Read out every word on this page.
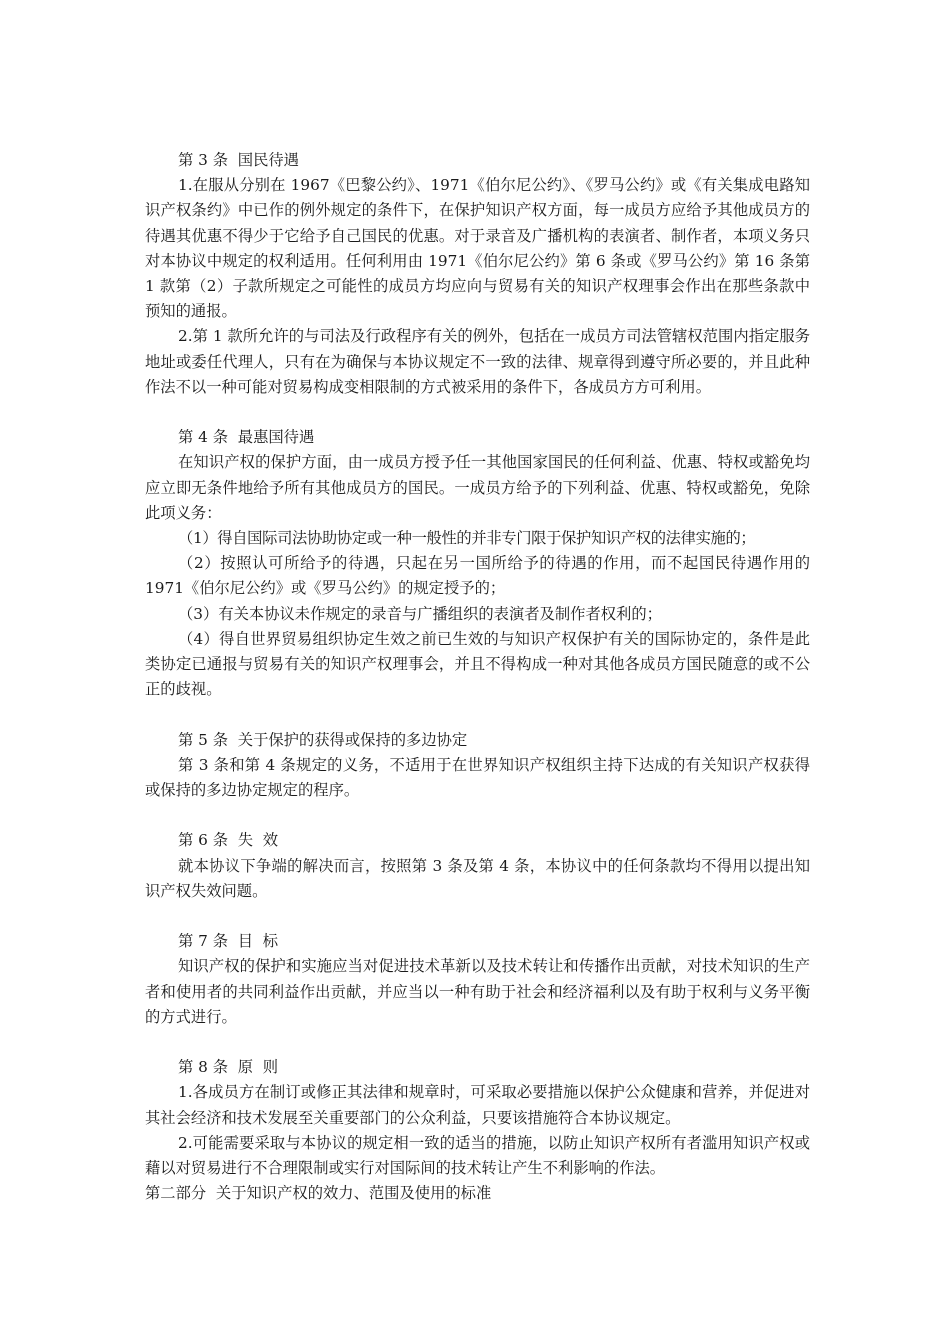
第 3 条  国民待遇

1.在服从分别在 1967《巴黎公约》、1971《伯尔尼公约》、《罗马公约》或《有关集成电路知识产权条约》中已作的例外规定的条件下，在保护知识产权方面，每一成员方应给予其他成员方的待遇其优惠不得少于它给予自己国民的优惠。对于录音及广播机构的表演者、制作者，本项义务只对本协议中规定的权利适用。任何利用由 1971《伯尔尼公约》第 6 条或《罗马公约》第 16 条第 1 款第（2）子款所规定之可能性的成员方均应向与贸易有关的知识产权理事会作出在那些条款中预知的通报。

2.第 1 款所允许的与司法及行政程序有关的例外，包括在一成员方司法管辖权范围内指定服务地址或委任代理人，只有在为确保与本协议规定不一致的法律、规章得到遵守所必要的，并且此种作法不以一种可能对贸易构成变相限制的方式被采用的条件下，各成员方方可利用。

第 4 条  最惠国待遇

在知识产权的保护方面，由一成员方授予任一其他国家国民的任何利益、优惠、特权或豁免均应立即无条件地给予所有其他成员方的国民。一成员方给予的下列利益、优惠、特权或豁免，免除此项义务：

（1）得自国际司法协助协定或一种一般性的并非专门限于保护知识产权的法律实施的；

（2）按照认可所给予的待遇，只起在另一国所给予的待遇的作用，而不起国民待遇作用的 1971《伯尔尼公约》或《罗马公约》的规定授予的；

（3）有关本协议未作规定的录音与广播组织的表演者及制作者权利的；

（4）得自世界贸易组织协定生效之前已生效的与知识产权保护有关的国际协定的，条件是此类协定已通报与贸易有关的知识产权理事会，并且不得构成一种对其他各成员方国民随意的或不公正的歧视。

第 5 条  关于保护的获得或保持的多边协定

第 3 条和第 4 条规定的义务，不适用于在世界知识产权组织主持下达成的有关知识产权获得或保持的多边协定规定的程序。

第 6 条  失  效

就本协议下争端的解决而言，按照第 3 条及第 4 条，本协议中的任何条款均不得用以提出知识产权失效问题。

第 7 条  目  标

知识产权的保护和实施应当对促进技术革新以及技术转让和传播作出贡献，对技术知识的生产者和使用者的共同利益作出贡献，并应当以一种有助于社会和经济福利以及有助于权利与义务平衡的方式进行。

第 8 条  原  则

1.各成员方在制订或修正其法律和规章时，可采取必要措施以保护公众健康和营养，并促进对其社会经济和技术发展至关重要部门的公众利益，只要该措施符合本协议规定。

2.可能需要采取与本协议的规定相一致的适当的措施，以防止知识产权所有者滥用知识产权或藉以对贸易进行不合理限制或实行对国际间的技术转让产生不利影响的作法。

第二部分  关于知识产权的效力、范围及使用的标准
